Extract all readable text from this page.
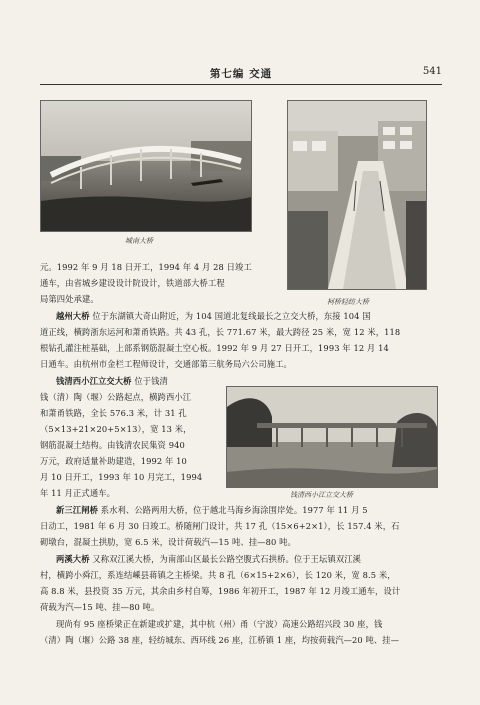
第七编 交通	541
城南大桥
柯桥轻纺大桥
钱清西小江立交大桥
元。1992 年 9 月 18 日开工，1994 年 4 月 28 日竣工
通车，由省城乡建设设计院设计，铁道部大桥工程
局第四处承建。
越州大桥 位于东湖镇大奇山附近，为 104 国道北复线最长之立交大桥，东接 104 国
道正线，横跨浙东运河和萧甬铁路。共 43 孔，长 771.67 米，最大跨径 25 米，宽 12 米，118
根钻孔灌注桩基础，上部系钢筋混凝土空心板。1992 年 9 月 27 日开工，1993 年 12 月 14
日通车。由杭州市金栏工程师设计，交通部第三航务局六公司施工。
钱清西小江立交大桥 位于钱清
钱（清）陶（堰）公路起点，横跨西小江
和萧甬铁路，全长 576.3 米，计 31 孔
（5×13+21×20+5×13），宽 13 米，
钢筋混凝土结构。由钱清农民集资 940
万元，政府适量补助建造，1992 年 10
月 10 日开工，1993 年 10 月完工，1994
年 11 月正式通车。
新三江闸桥 系水利、公路两用大桥，位于越北马海乡海涂围岸处。1977 年 11 月 5
日动工，1981 年 6 月 30 日竣工。桥随闸门设计，共 17 孔（15×6+2×1），长 157.4 米，石
砌墩台，混凝土拱肋，宽 6.5 米，设计荷载汽—15 吨、挂—80 吨。
两溪大桥 又称双江溪大桥，为南部山区最长公路空腹式石拱桥。位于王坛镇双江溪
村，横跨小舜江，系连结嵊县蒋镇之主桥梁。共 8 孔（6×15+2×6），长 120 米，宽 8.5 米，
高 8.8 米，县投资 35 万元，其余由乡村自筹，1986 年初开工，1987 年 12 月竣工通车，设计
荷载为汽—15 吨、挂—80 吨。
现尚有 95 座桥梁正在新建或扩建，其中杭（州）甬（宁波）高速公路绍兴段 30 座，钱
（清）陶（堰）公路 38 座，轻纺城东、西环线 26 座，江桥镇 1 座，均按荷载汽—20 吨、挂—
